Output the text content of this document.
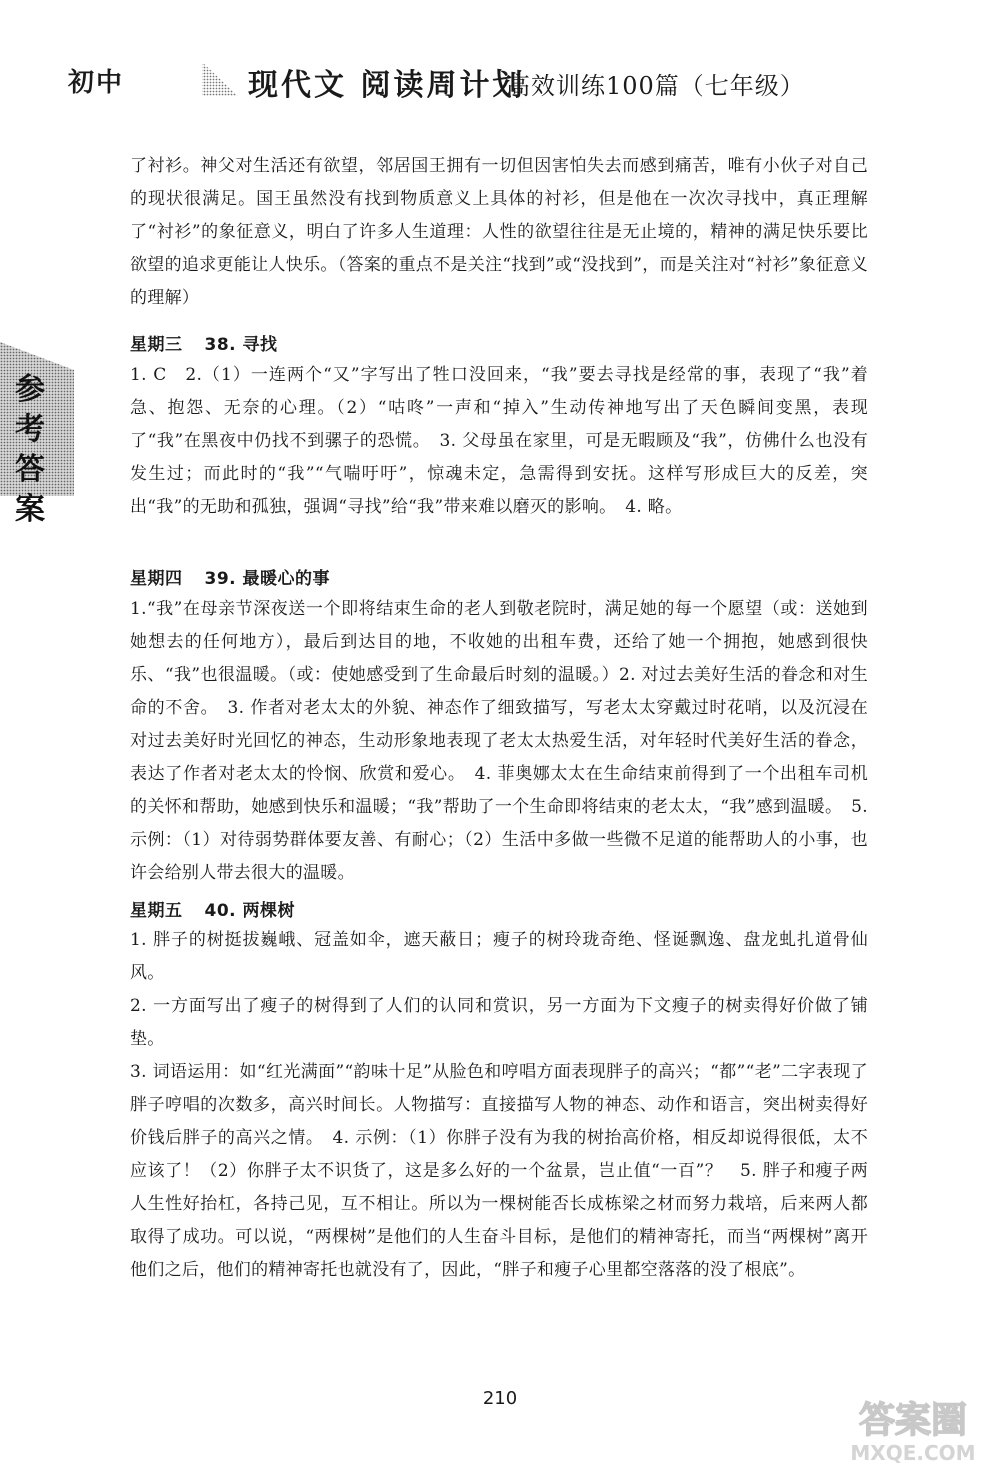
初中	现代文 阅读周计划
高效训练100篇（七年级）
参考答案
了衬衫。神父对生活还有欲望，邻居国王拥有一切但因害怕失去而感到痛苦，唯有小伙子对自己的现状很满足。国王虽然没有找到物质意义上具体的衬衫，但是他在一次次寻找中，真正理解了“衬衫”的象征意义，明白了许多人生道理：人性的欲望往往是无止境的，精神的满足快乐要比欲望的追求更能让人快乐。（答案的重点不是关注“找到”或“没找到”，而是关注对“衬衫”象征意义的理解）
星期三 38. 寻找
1. C　2.（1）一连两个“又”字写出了牲口没回来，“我”要去寻找是经常的事，表现了“我”着急、抱怨、无奈的心理。（2）“咕咚”一声和“掉入”生动传神地写出了天色瞬间变黑，表现了“我”在黑夜中仍找不到骡子的恐慌。　3. 父母虽在家里，可是无暇顾及“我”，仿佛什么也没有发生过；而此时的“我”“气喘吁吁”，惊魂未定，急需得到安抚。这样写形成巨大的反差，突出“我”的无助和孤独，强调“寻找”给“我”带来难以磨灭的影响。　4. 略。
星期四 39. 最暖心的事
1.“我”在母亲节深夜送一个即将结束生命的老人到敬老院时，满足她的每一个愿望（或：送她到她想去的任何地方），最后到达目的地，不收她的出租车费，还给了她一个拥抱，她感到很快乐、“我”也很温暖。（或：使她感受到了生命最后时刻的温暖。）2. 对过去美好生活的眷念和对生命的不舍。　3. 作者对老太太的外貌、神态作了细致描写，写老太太穿戴过时花哨，以及沉浸在对过去美好时光回忆的神态，生动形象地表现了老太太热爱生活，对年轻时代美好生活的眷念，表达了作者对老太太的怜悯、欣赏和爱心。　4. 菲奥娜太太在生命结束前得到了一个出租车司机的关怀和帮助，她感到快乐和温暖；“我”帮助了一个生命即将结束的老太太，“我”感到温暖。　5. 示例：（1）对待弱势群体要友善、有耐心；（2）生活中多做一些微不足道的能帮助人的小事，也许会给别人带去很大的温暖。
星期五 40. 两棵树

1. 胖子的树挺拔巍峨、冠盖如伞，遮天蔽日；瘦子的树玲珑奇绝、怪诞飘逸、盘龙虬扎道骨仙风。

2. 一方面写出了瘦子的树得到了人们的认同和赏识，另一方面为下文瘦子的树卖得好价做了铺垫。

3. 词语运用：如“红光满面”“韵味十足”从脸色和哼唱方面表现胖子的高兴；“都”“老”二字表现了胖子哼唱的次数多，高兴时间长。人物描写：直接描写人物的神态、动作和语言，突出树卖得好价钱后胖子的高兴之情。　4. 示例：（1）你胖子没有为我的树抬高价格，相反却说得很低，太不应该了！（2）你胖子太不识货了，这是多么好的一个盆景，岂止值“一百”？　5. 胖子和瘦子两人生性好抬杠，各持己见，互不相让。所以为一棵树能否长成栋梁之材而努力栽培，后来两人都取得了成功。可以说，“两棵树”是他们的人生奋斗目标，是他们的精神寄托，而当“两棵树”离开他们之后，他们的精神寄托也就没有了，因此，“胖子和瘦子心里都空落落的没了根底”。

210
答案圈
MXQE.COM
